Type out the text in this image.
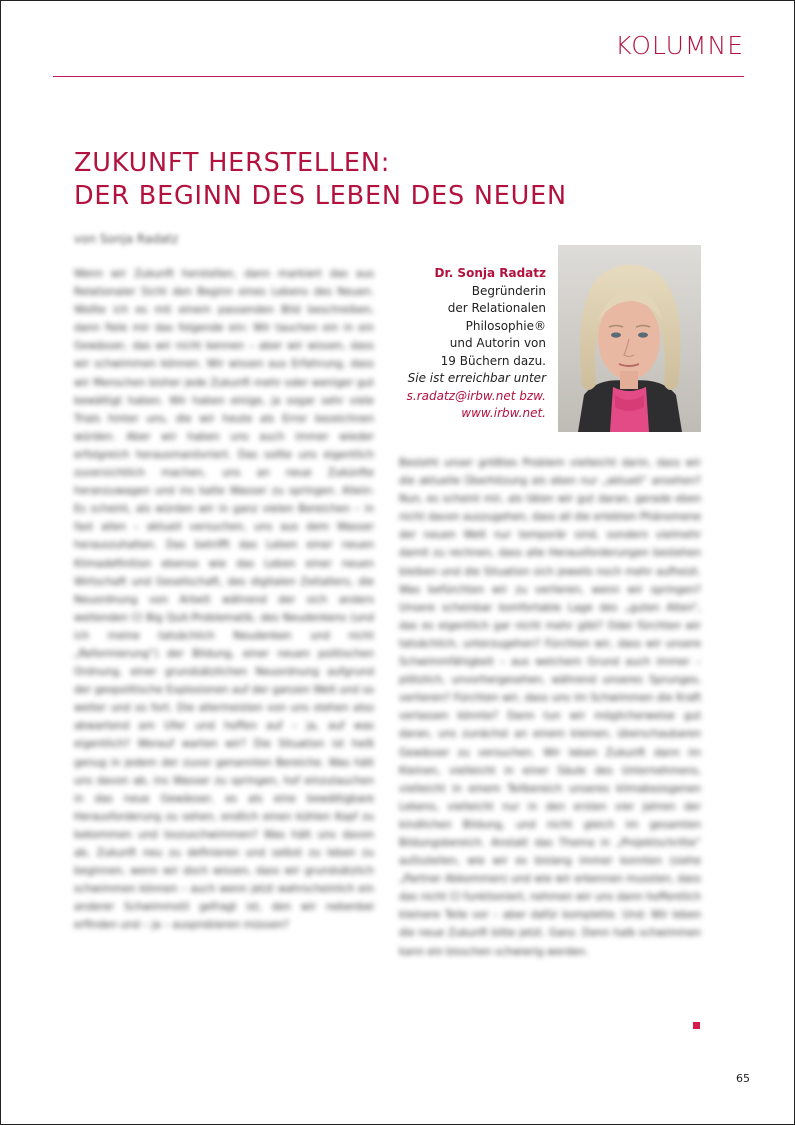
KOLUMNE
ZUKUNFT HERSTELLEN:
DER BEGINN DES LEBEN DES NEUEN
von Sonja Radatz
Wenn wir Zukunft herstellen, dann markiert das aus Relationaler Sicht den Beginn eines Lebens des Neuen. Wollte ich es mit einem passenden Bild beschreiben, dann fiele mir das folgende ein: Wir tauchen ein in ein Gewässer, das wir nicht kennen – aber wir wissen, dass wir schwimmen können. Wir wissen aus Erfahrung, dass wir Menschen bisher jede Zukunft mehr oder weniger gut bewältigt haben. Wir haben einige, ja sogar sehr viele Trials hinter uns, die wir heute als Error bezeichnen würden. Aber wir haben uns auch immer wieder erfolgreich herausmanövriert. Das sollte uns eigentlich zuversichtlich machen, uns an neue Zukünfte heranzuwagen und ins kalte Wasser zu springen. Allein: Es scheint, als würden wir in ganz vielen Bereichen – in fast allen – aktuell versuchen, uns aus dem Wasser herauszuhalten. Das betrifft das Leben einer neuen Klimadefinition ebenso wie das Leben einer neuen Wirtschaft und Gesellschaft, des digitalen Zeitalters, die Neuordnung von Arbeit während der sich anders weitenden CI Big Quit-Problematik, des Neudenkens (und ich meine tatsächlich Neudenken und nicht „Reformierung“) der Bildung, einer neuen politischen Ordnung, einer grundsätzlichen Neuordnung aufgrund der geopolitische Explosionen auf der ganzen Welt und so weiter und so fort. Die allermeisten von uns stehen also abwartend am Ufer und hoffen auf – ja, auf was eigentlich? Worauf warten wir? Die Situation ist heiß genug in jedem der zuvor genannten Bereiche. Was hält uns davon ab, ins Wasser zu springen, hof einzutauchen in das neue Gewässer, es als eine bewältigbare Herausforderung zu sehen, endlich einen kühlen Kopf zu bekommen und loszuschwimmen? Was hält uns davon ab, Zukunft neu zu definieren und selbst zu leben zu beginnen, wenn wir doch wissen, dass wir grundsätzlich schwimmen können – auch wenn jetzt wahrscheinlich ein anderer Schwimmstil gefragt ist, den wir nebenbei erfinden und – ja – ausprobieren müssen?
Dr. Sonja Radatz
Begründerin
der Relationalen
Philosophie®
und Autorin von
19 Büchern dazu.
Sie ist erreichbar unter
s.radatz@irbw.net bzw.
www.irbw.net.
Besteht unser größtes Problem vielleicht darin, dass wir die aktuelle Überhitzung als eben nur „aktuell“ ansehen? Nun, es scheint mir, als täten wir gut daran, gerade eben nicht davon auszugehen, dass all die erlebten Phänomene der neuen Welt nur temporär sind, sondern vielmehr damit zu rechnen, dass alle Herausforderungen bestehen bleiben und die Situation sich jeweils noch mehr aufheizt. Was befürchten wir zu verlieren, wenn wir springen? Unsere scheinbar komfortable Lage des „guten Alten“, das es eigentlich gar nicht mehr gibt? Oder fürchten wir tatsächlich, unterzugehen? Fürchten wir, dass wir unsere Schwimmfähigkeit – aus welchem Grund auch immer – plötzlich, unvorhergesehen, während unseres Sprunges, verlieren? Fürchten wir, dass uns im Schwimmen die Kraft verlassen könnte? Dann tun wir möglicherweise gut daran, uns zunächst an einem kleinen, überschaubaren Gewässer zu versuchen. Wir leben Zukunft dann im Kleinen, vielleicht in einer Säule des Unternehmens, vielleicht in einem Teilbereich unseres klimabezogenen Lebens, vielleicht nur in den ersten vier Jahren der kindlichen Bildung, und nicht gleich im gesamten Bildungsbereich. Anstatt das Thema in „Projektschritte“ aufzuteilen, wie wir es bislang immer konnten (siehe „Partner Abkommen) und wie wir erkennen mussten, dass das nicht CI funktioniert, nehmen wir uns dann hoffentlich kleinere Teile vor – aber dafür komplette. Und: Wir leben die neue Zukunft bitte jetzt. Ganz. Denn halb schwimmen kann ein bisschen schwierig werden.
65
